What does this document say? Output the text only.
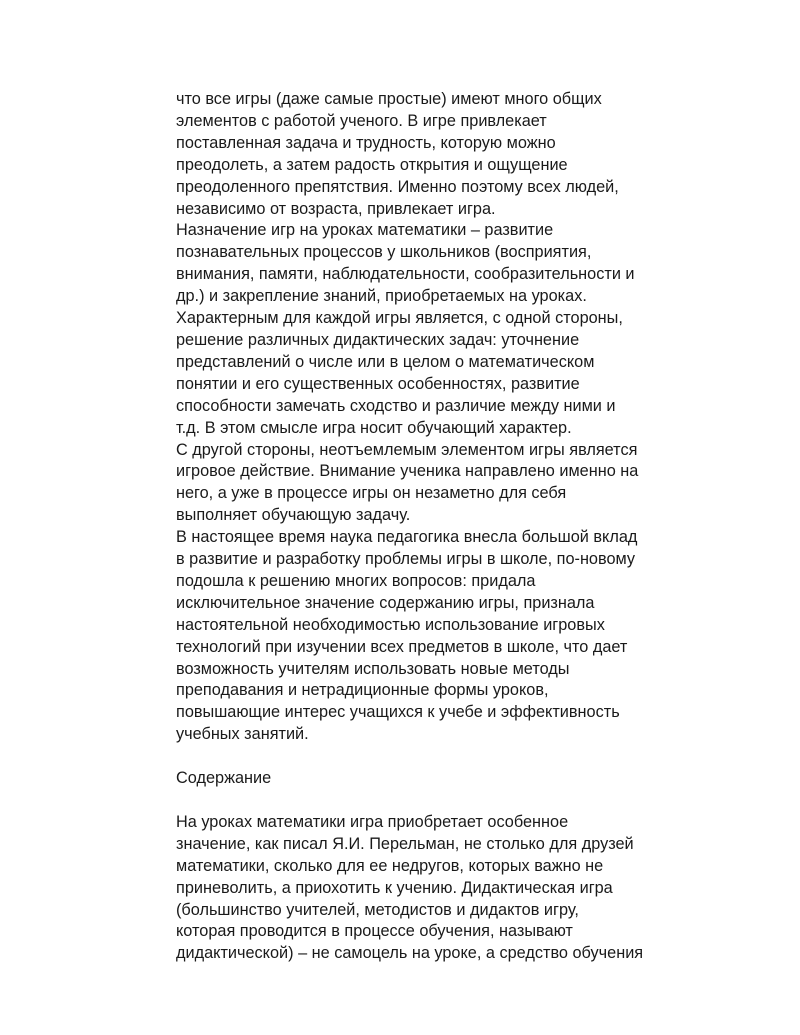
что все игры (даже самые простые) имеют много общих
элементов с работой ученого. В игре привлекает
поставленная задача и трудность, которую можно
преодолеть, а затем радость открытия и ощущение
преодоленного препятствия. Именно поэтому всех людей,
независимо от возраста, привлекает игра.
Назначение игр на уроках математики – развитие
познавательных процессов у школьников (восприятия,
внимания, памяти, наблюдательности, сообразительности и
др.) и закрепление знаний, приобретаемых на уроках.
Характерным для каждой игры является, с одной стороны,
решение различных дидактических задач: уточнение
представлений о числе или в целом о математическом
понятии и его существенных особенностях, развитие
способности замечать сходство и различие между ними и
т.д. В этом смысле игра носит обучающий характер.
С другой стороны, неотъемлемым элементом игры является
игровое действие. Внимание ученика направлено именно на
него, а уже в процессе игры он незаметно для себя
выполняет обучающую задачу.
В настоящее время наука педагогика внесла большой вклад
в развитие и разработку проблемы игры в школе, по-новому
подошла к решению многих вопросов: придала
исключительное значение содержанию игры, признала
настоятельной необходимостью использование игровых
технологий при изучении всех предметов в школе, что дает
возможность учителям использовать новые методы
преподавания и нетрадиционные формы уроков,
повышающие интерес учащихся к учебе и эффективность
учебных занятий.
Содержание
На уроках математики игра приобретает особенное
значение, как писал Я.И. Перельман, не столько для друзей
математики, сколько для ее недругов, которых важно не
приневолить, а приохотить к учению. Дидактическая игра
(большинство учителей, методистов и дидактов игру,
которая проводится в процессе обучения, называют
дидактической) – не самоцель на уроке, а средство обучения
